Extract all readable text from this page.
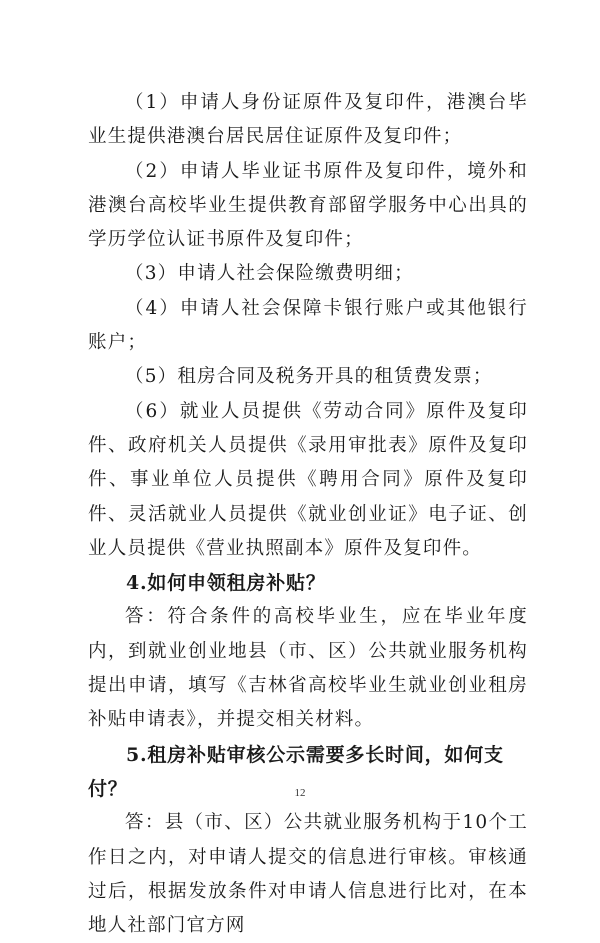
（1）申请人身份证原件及复印件，港澳台毕业生提供港澳台居民居住证原件及复印件；

（2）申请人毕业证书原件及复印件，境外和港澳台高校毕业生提供教育部留学服务中心出具的学历学位认证书原件及复印件；

（3）申请人社会保险缴费明细；

（4）申请人社会保障卡银行账户或其他银行账户；

（5）租房合同及税务开具的租赁费发票；

（6）就业人员提供《劳动合同》原件及复印件、政府机关人员提供《录用审批表》原件及复印件、事业单位人员提供《聘用合同》原件及复印件、灵活就业人员提供《就业创业证》电子证、创业人员提供《营业执照副本》原件及复印件。

4.如何申领租房补贴？

答：符合条件的高校毕业生，应在毕业年度内，到就业创业地县（市、区）公共就业服务机构提出申请，填写《吉林省高校毕业生就业创业租房补贴申请表》，并提交相关材料。

5.租房补贴审核公示需要多长时间，如何支付？

答：县（市、区）公共就业服务机构于10个工作日之内，对申请人提交的信息进行审核。审核通过后，根据发放条件对申请人信息进行比对，在本地人社部门官方网

12
